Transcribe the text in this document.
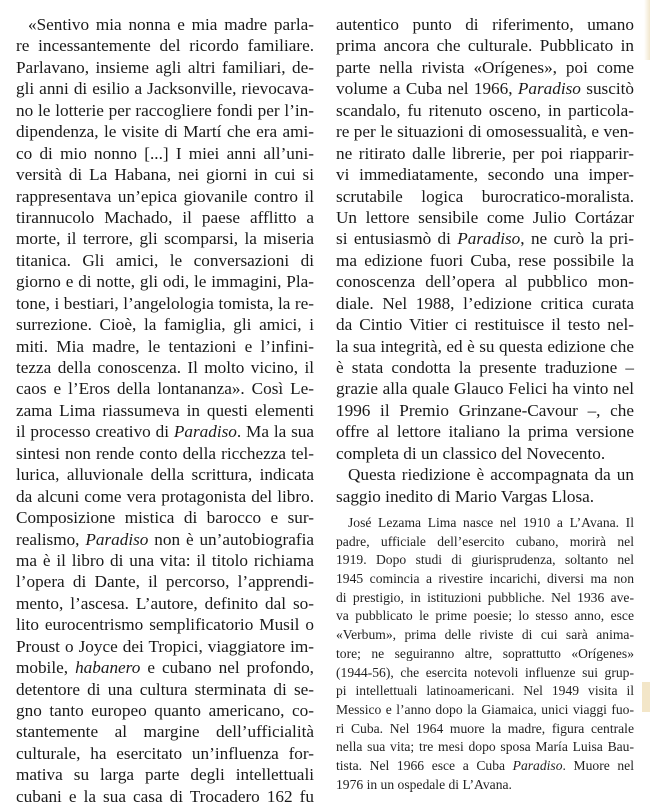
«Sentivo mia nonna e mia madre parla-
re incessantemente del ricordo familiare.
Parlavano, insieme agli altri familiari, de-
gli anni di esilio a Jacksonville, rievocava-
no le lotterie per raccogliere fondi per l’in-
dipendenza, le visite di Martí che era ami-
co di mio nonno [...] I miei anni all’uni-
versità di La Habana, nei giorni in cui si
rappresentava un’epica giovanile contro il
tirannucolo Machado, il paese afflitto a
morte, il terrore, gli scomparsi, la miseria
titanica. Gli amici, le conversazioni di
giorno e di notte, gli odi, le immagini, Pla-
tone, i bestiari, l’angelologia tomista, la re-
surrezione. Cioè, la famiglia, gli amici, i
miti. Mia madre, le tentazioni e l’infini-
tezza della conoscenza. Il molto vicino, il
caos e l’Eros della lontananza». Così Le-
zama Lima riassumeva in questi elementi
il processo creativo di Paradiso. Ma la sua
sintesi non rende conto della ricchezza tel-
lurica, alluvionale della scrittura, indicata
da alcuni come vera protagonista del libro.
Composizione mistica di barocco e sur-
realismo, Paradiso non è un’autobiografia
ma è il libro di una vita: il titolo richiama
l’opera di Dante, il percorso, l’apprendi-
mento, l’ascesa. L’autore, definito dal so-
lito eurocentrismo semplificatorio Musil o
Proust o Joyce dei Tropici, viaggiatore im-
mobile, habanero e cubano nel profondo,
detentore di una cultura sterminata di se-
gno tanto europeo quanto americano, co-
stantemente al margine dell’ufficialità
culturale, ha esercitato un’influenza for-
mativa su larga parte degli intellettuali
cubani e la sua casa di Trocadero 162 fu
autentico punto di riferimento, umano
prima ancora che culturale. Pubblicato in
parte nella rivista «Orígenes», poi come
volume a Cuba nel 1966, Paradiso suscitò
scandalo, fu ritenuto osceno, in particola-
re per le situazioni di omosessualità, e ven-
ne ritirato dalle librerie, per poi riapparir-
vi immediatamente, secondo una imper-
scrutabile logica burocratico-moralista.
Un lettore sensibile come Julio Cortázar
si entusiasmò di Paradiso, ne curò la pri-
ma edizione fuori Cuba, rese possibile la
conoscenza dell’opera al pubblico mon-
diale. Nel 1988, l’edizione critica curata
da Cintio Vitier ci restituisce il testo nel-
la sua integrità, ed è su questa edizione che
è stata condotta la presente traduzione –
grazie alla quale Glauco Felici ha vinto nel
1996 il Premio Grinzane-Cavour –, che
offre al lettore italiano la prima versione
completa di un classico del Novecento.
Questa riedizione è accompagnata da un
saggio inedito di Mario Vargas Llosa.
José Lezama Lima nasce nel 1910 a L’Avana. Il
padre, ufficiale dell’esercito cubano, morirà nel
1919. Dopo studi di giurisprudenza, soltanto nel
1945 comincia a rivestire incarichi, diversi ma non
di prestigio, in istituzioni pubbliche. Nel 1936 ave-
va pubblicato le prime poesie; lo stesso anno, esce
«Verbum», prima delle riviste di cui sarà anima-
tore; ne seguiranno altre, soprattutto «Orígenes»
(1944-56), che esercita notevoli influenze sui grup-
pi intellettuali latinoamericani. Nel 1949 visita il
Messico e l’anno dopo la Giamaica, unici viaggi fuo-
ri Cuba. Nel 1964 muore la madre, figura centrale
nella sua vita; tre mesi dopo sposa María Luisa Bau-
tista. Nel 1966 esce a Cuba Paradiso. Muore nel
1976 in un ospedale di L’Avana.
